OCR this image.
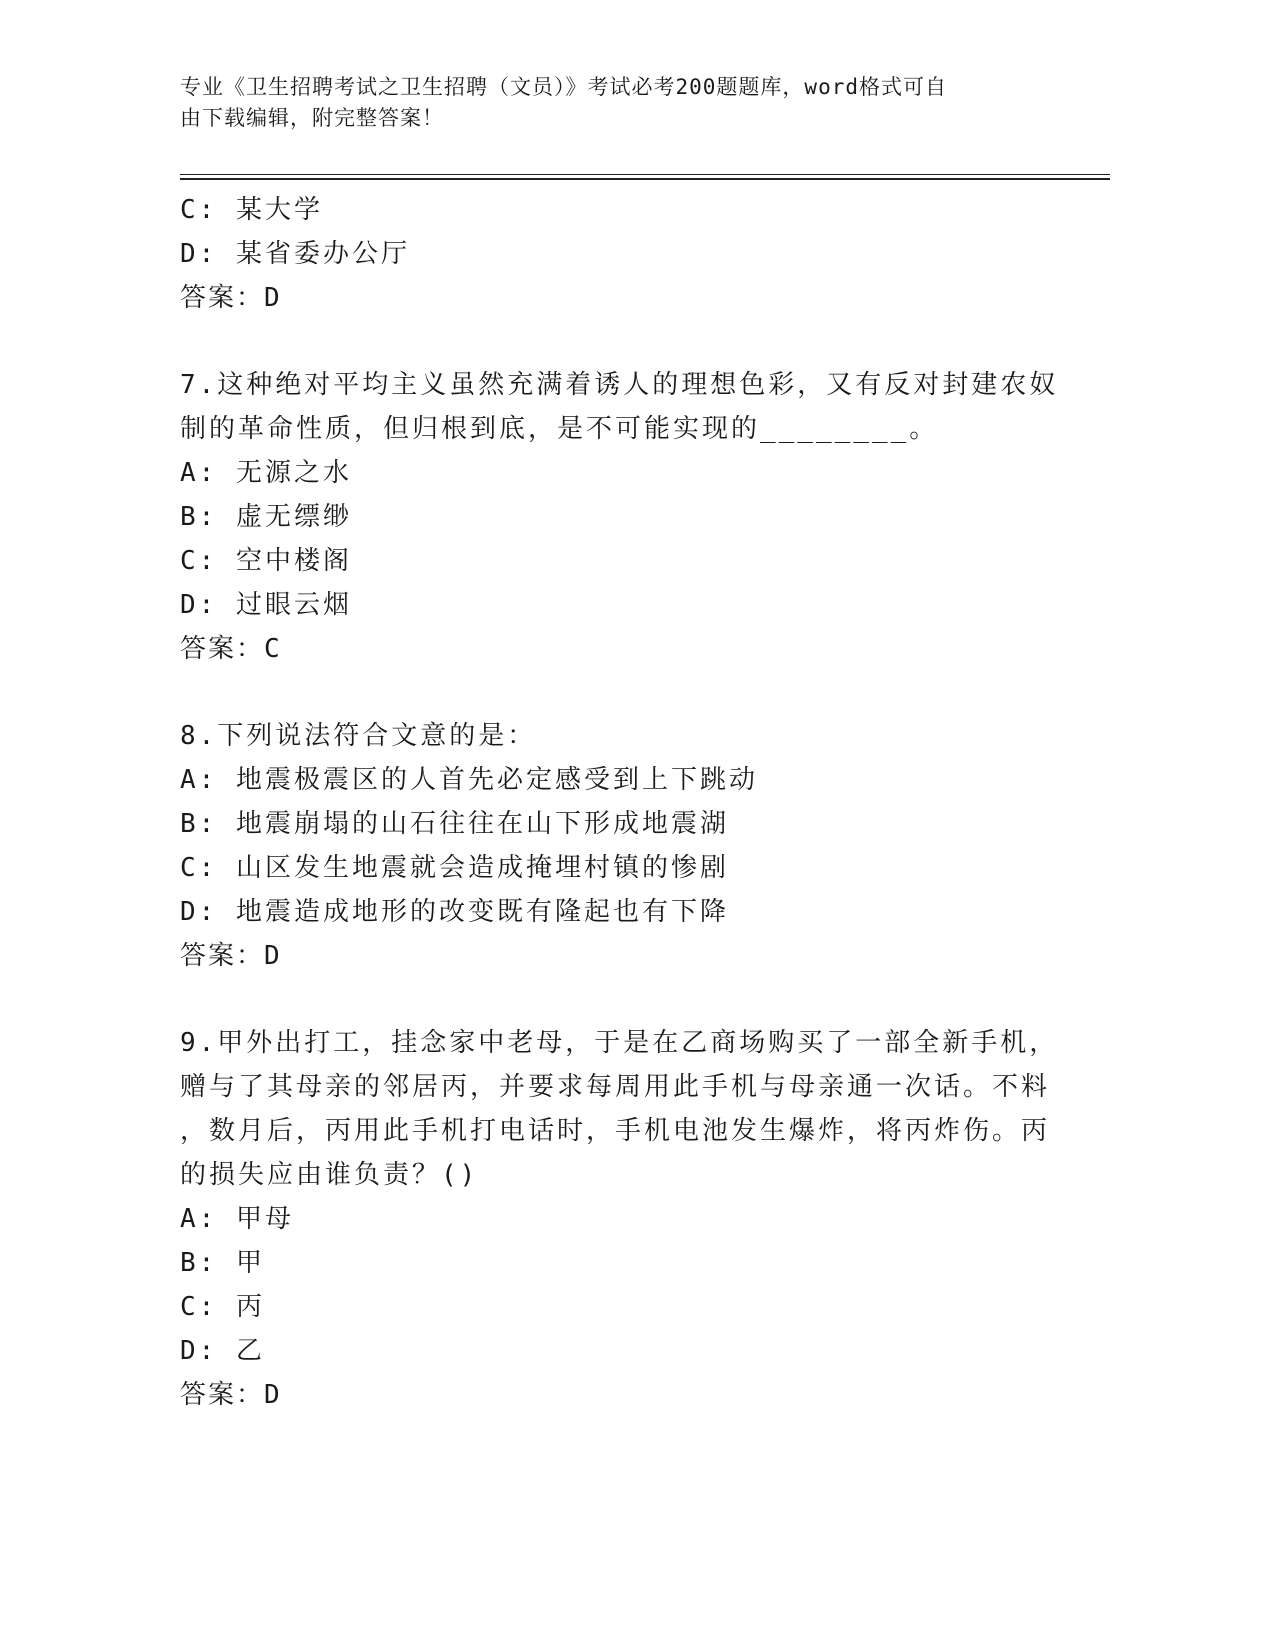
专业《卫生招聘考试之卫生招聘（文员）》考试必考200题题库，word格式可自
由下载编辑，附完整答案！
C: 某大学
D: 某省委办公厅
答案：D
7.这种绝对平均主义虽然充满着诱人的理想色彩，又有反对封建农奴
制的革命性质，但归根到底，是不可能实现的________。
A: 无源之水
B: 虚无缥缈
C: 空中楼阁
D: 过眼云烟
答案：C
8.下列说法符合文意的是：
A: 地震极震区的人首先必定感受到上下跳动
B: 地震崩塌的山石往往在山下形成地震湖
C: 山区发生地震就会造成掩埋村镇的惨剧
D: 地震造成地形的改变既有隆起也有下降
答案：D
9.甲外出打工，挂念家中老母，于是在乙商场购买了一部全新手机，
赠与了其母亲的邻居丙，并要求每周用此手机与母亲通一次话。不料
，数月后，丙用此手机打电话时，手机电池发生爆炸，将丙炸伤。丙
的损失应由谁负责？()
A: 甲母
B: 甲
C: 丙
D: 乙
答案：D
